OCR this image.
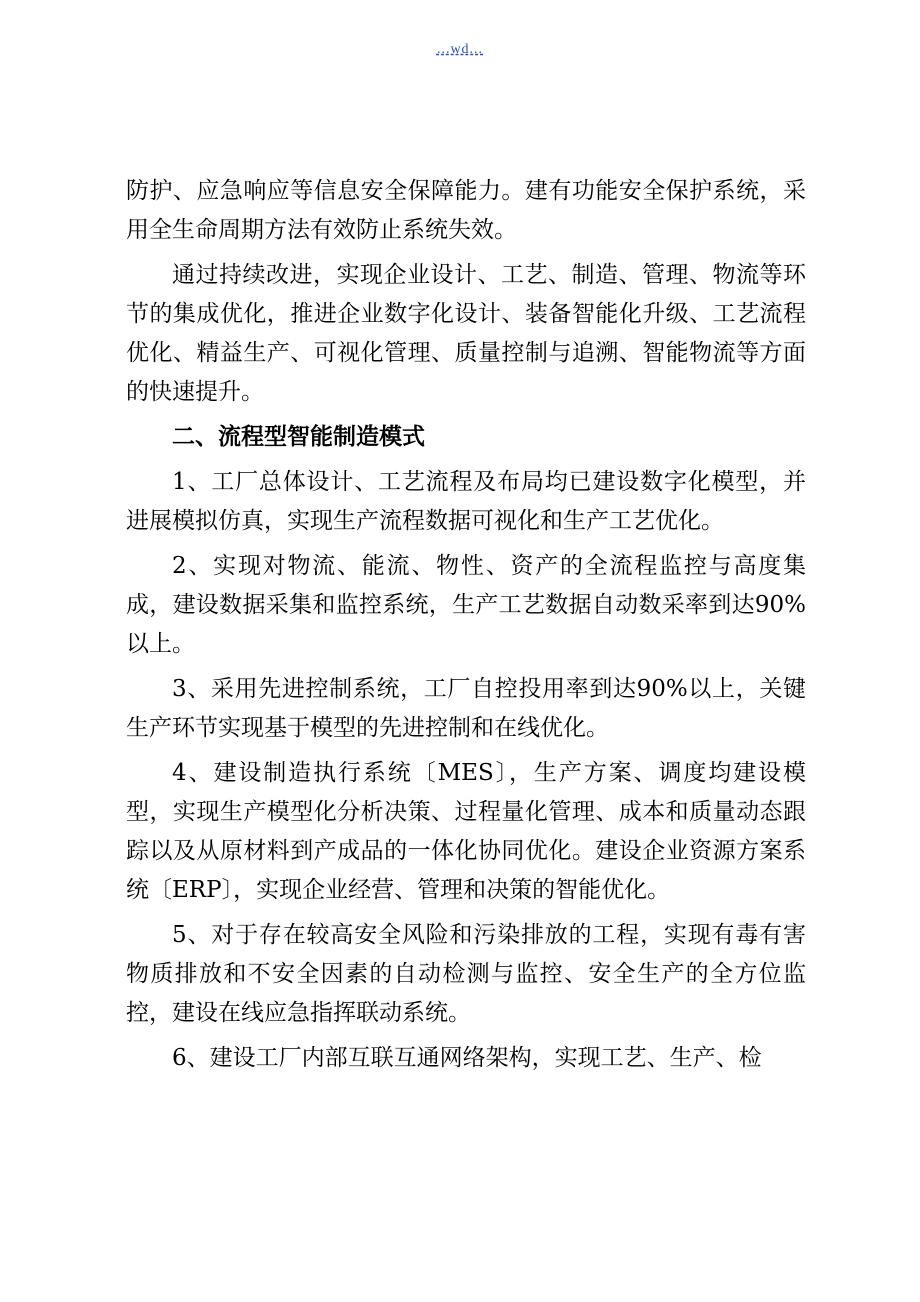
...wd...

防护、应急响应等信息安全保障能力。建有功能安全保护系统，采用全生命周期方法有效防止系统失效。

通过持续改进，实现企业设计、工艺、制造、管理、物流等环节的集成优化，推进企业数字化设计、装备智能化升级、工艺流程优化、精益生产、可视化管理、质量控制与追溯、智能物流等方面的快速提升。

二、流程型智能制造模式

1、工厂总体设计、工艺流程及布局均已建设数字化模型，并进展模拟仿真，实现生产流程数据可视化和生产工艺优化。

2、实现对物流、能流、物性、资产的全流程监控与高度集成，建设数据采集和监控系统，生产工艺数据自动数采率到达90%以上。

3、采用先进控制系统，工厂自控投用率到达90%以上，关键生产环节实现基于模型的先进控制和在线优化。

4、建设制造执行系统〔MES〕，生产方案、调度均建设模型，实现生产模型化分析决策、过程量化管理、成本和质量动态跟踪以及从原材料到产成品的一体化协同优化。建设企业资源方案系统〔ERP〕，实现企业经营、管理和决策的智能优化。

5、对于存在较高安全风险和污染排放的工程，实现有毒有害物质排放和不安全因素的自动检测与监控、安全生产的全方位监控，建设在线应急指挥联动系统。

6、建设工厂内部互联互通网络架构，实现工艺、生产、检
